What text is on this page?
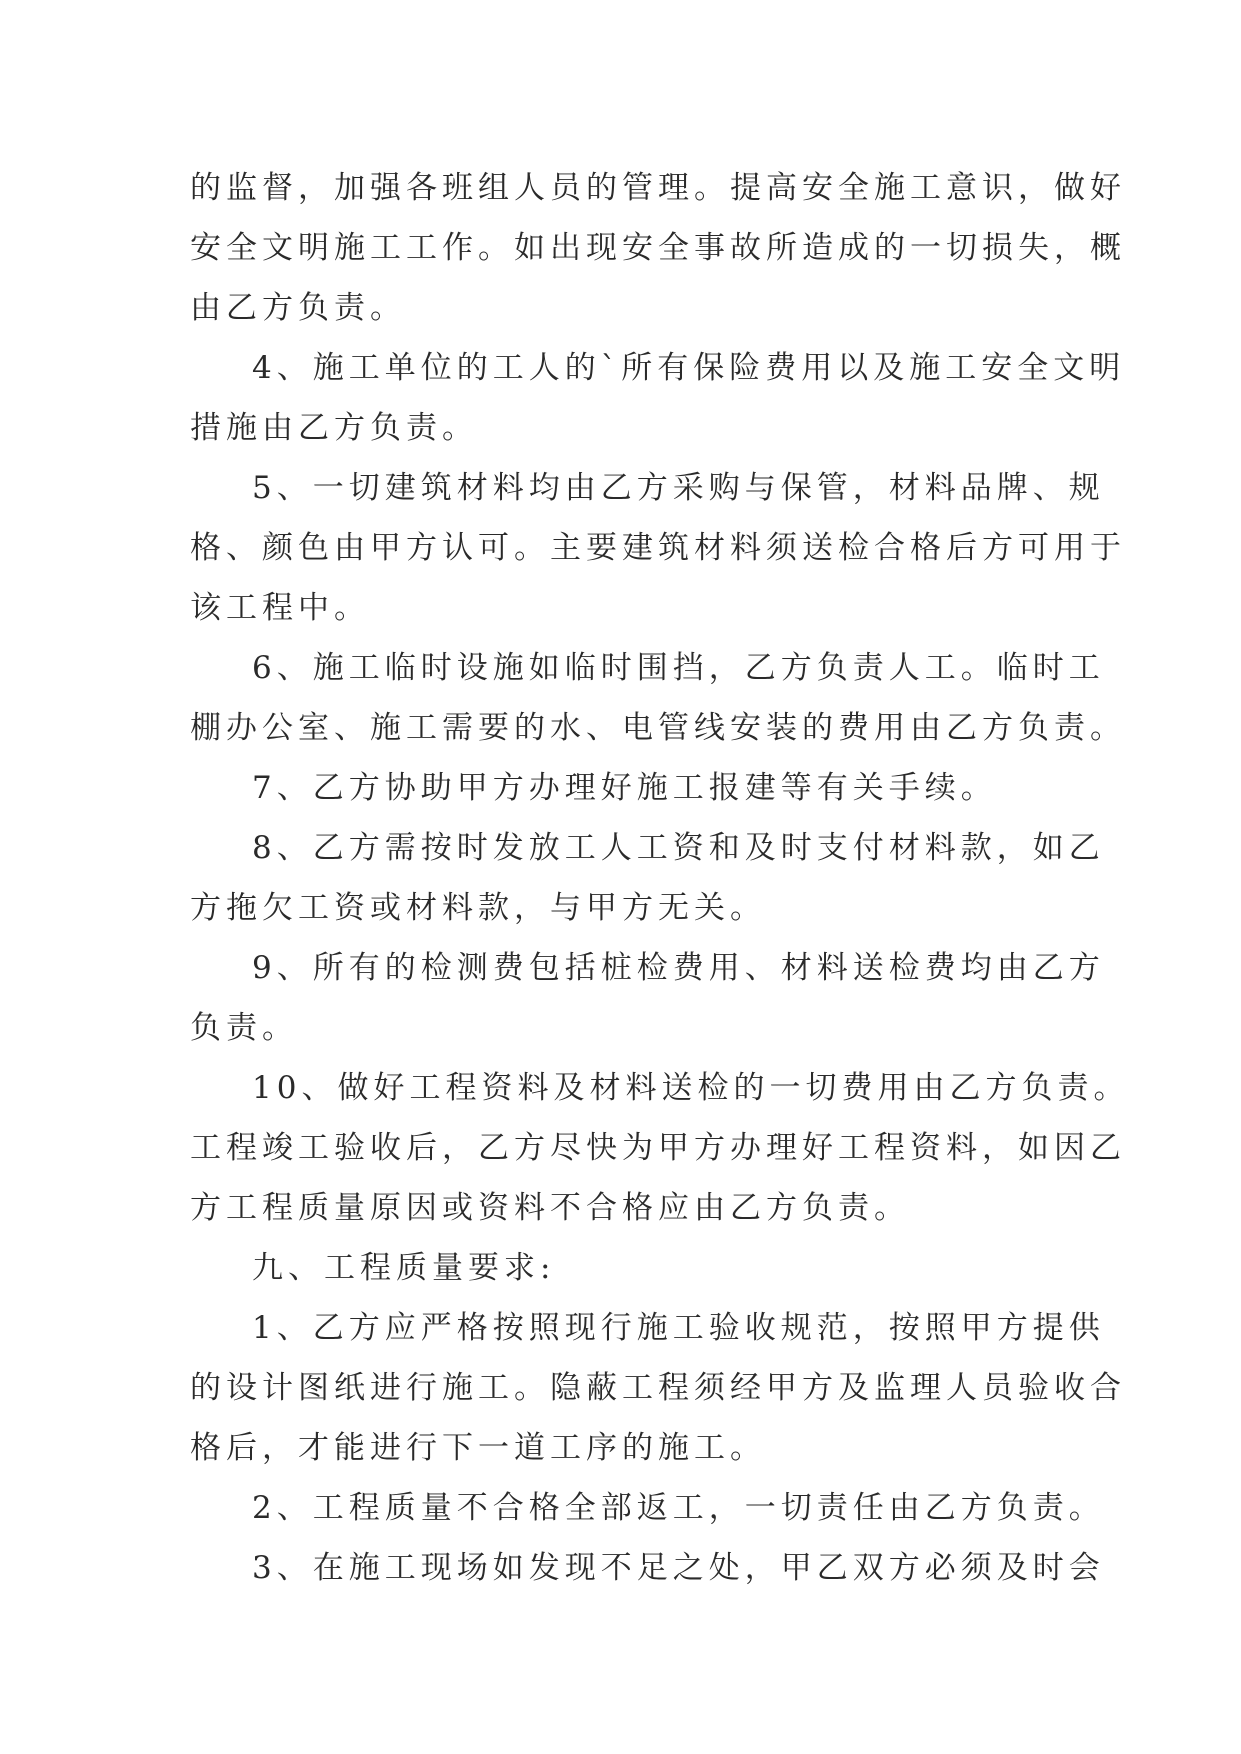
的监督，加强各班组人员的管理。提高安全施工意识，做好
安全文明施工工作。如出现安全事故所造成的一切损失，概
由乙方负责。
4、施工单位的工人的`所有保险费用以及施工安全文明
措施由乙方负责。
5、一切建筑材料均由乙方采购与保管，材料品牌、规
格、颜色由甲方认可。主要建筑材料须送检合格后方可用于
该工程中。
6、施工临时设施如临时围挡，乙方负责人工。临时工
棚办公室、施工需要的水、电管线安装的费用由乙方负责。
7、乙方协助甲方办理好施工报建等有关手续。
8、乙方需按时发放工人工资和及时支付材料款，如乙
方拖欠工资或材料款，与甲方无关。
9、所有的检测费包括桩检费用、材料送检费均由乙方
负责。
10、做好工程资料及材料送检的一切费用由乙方负责。
工程竣工验收后，乙方尽快为甲方办理好工程资料，如因乙
方工程质量原因或资料不合格应由乙方负责。
九、工程质量要求:
1、乙方应严格按照现行施工验收规范，按照甲方提供
的设计图纸进行施工。隐蔽工程须经甲方及监理人员验收合
格后，才能进行下一道工序的施工。
2、工程质量不合格全部返工，一切责任由乙方负责。
3、在施工现场如发现不足之处，甲乙双方必须及时会
